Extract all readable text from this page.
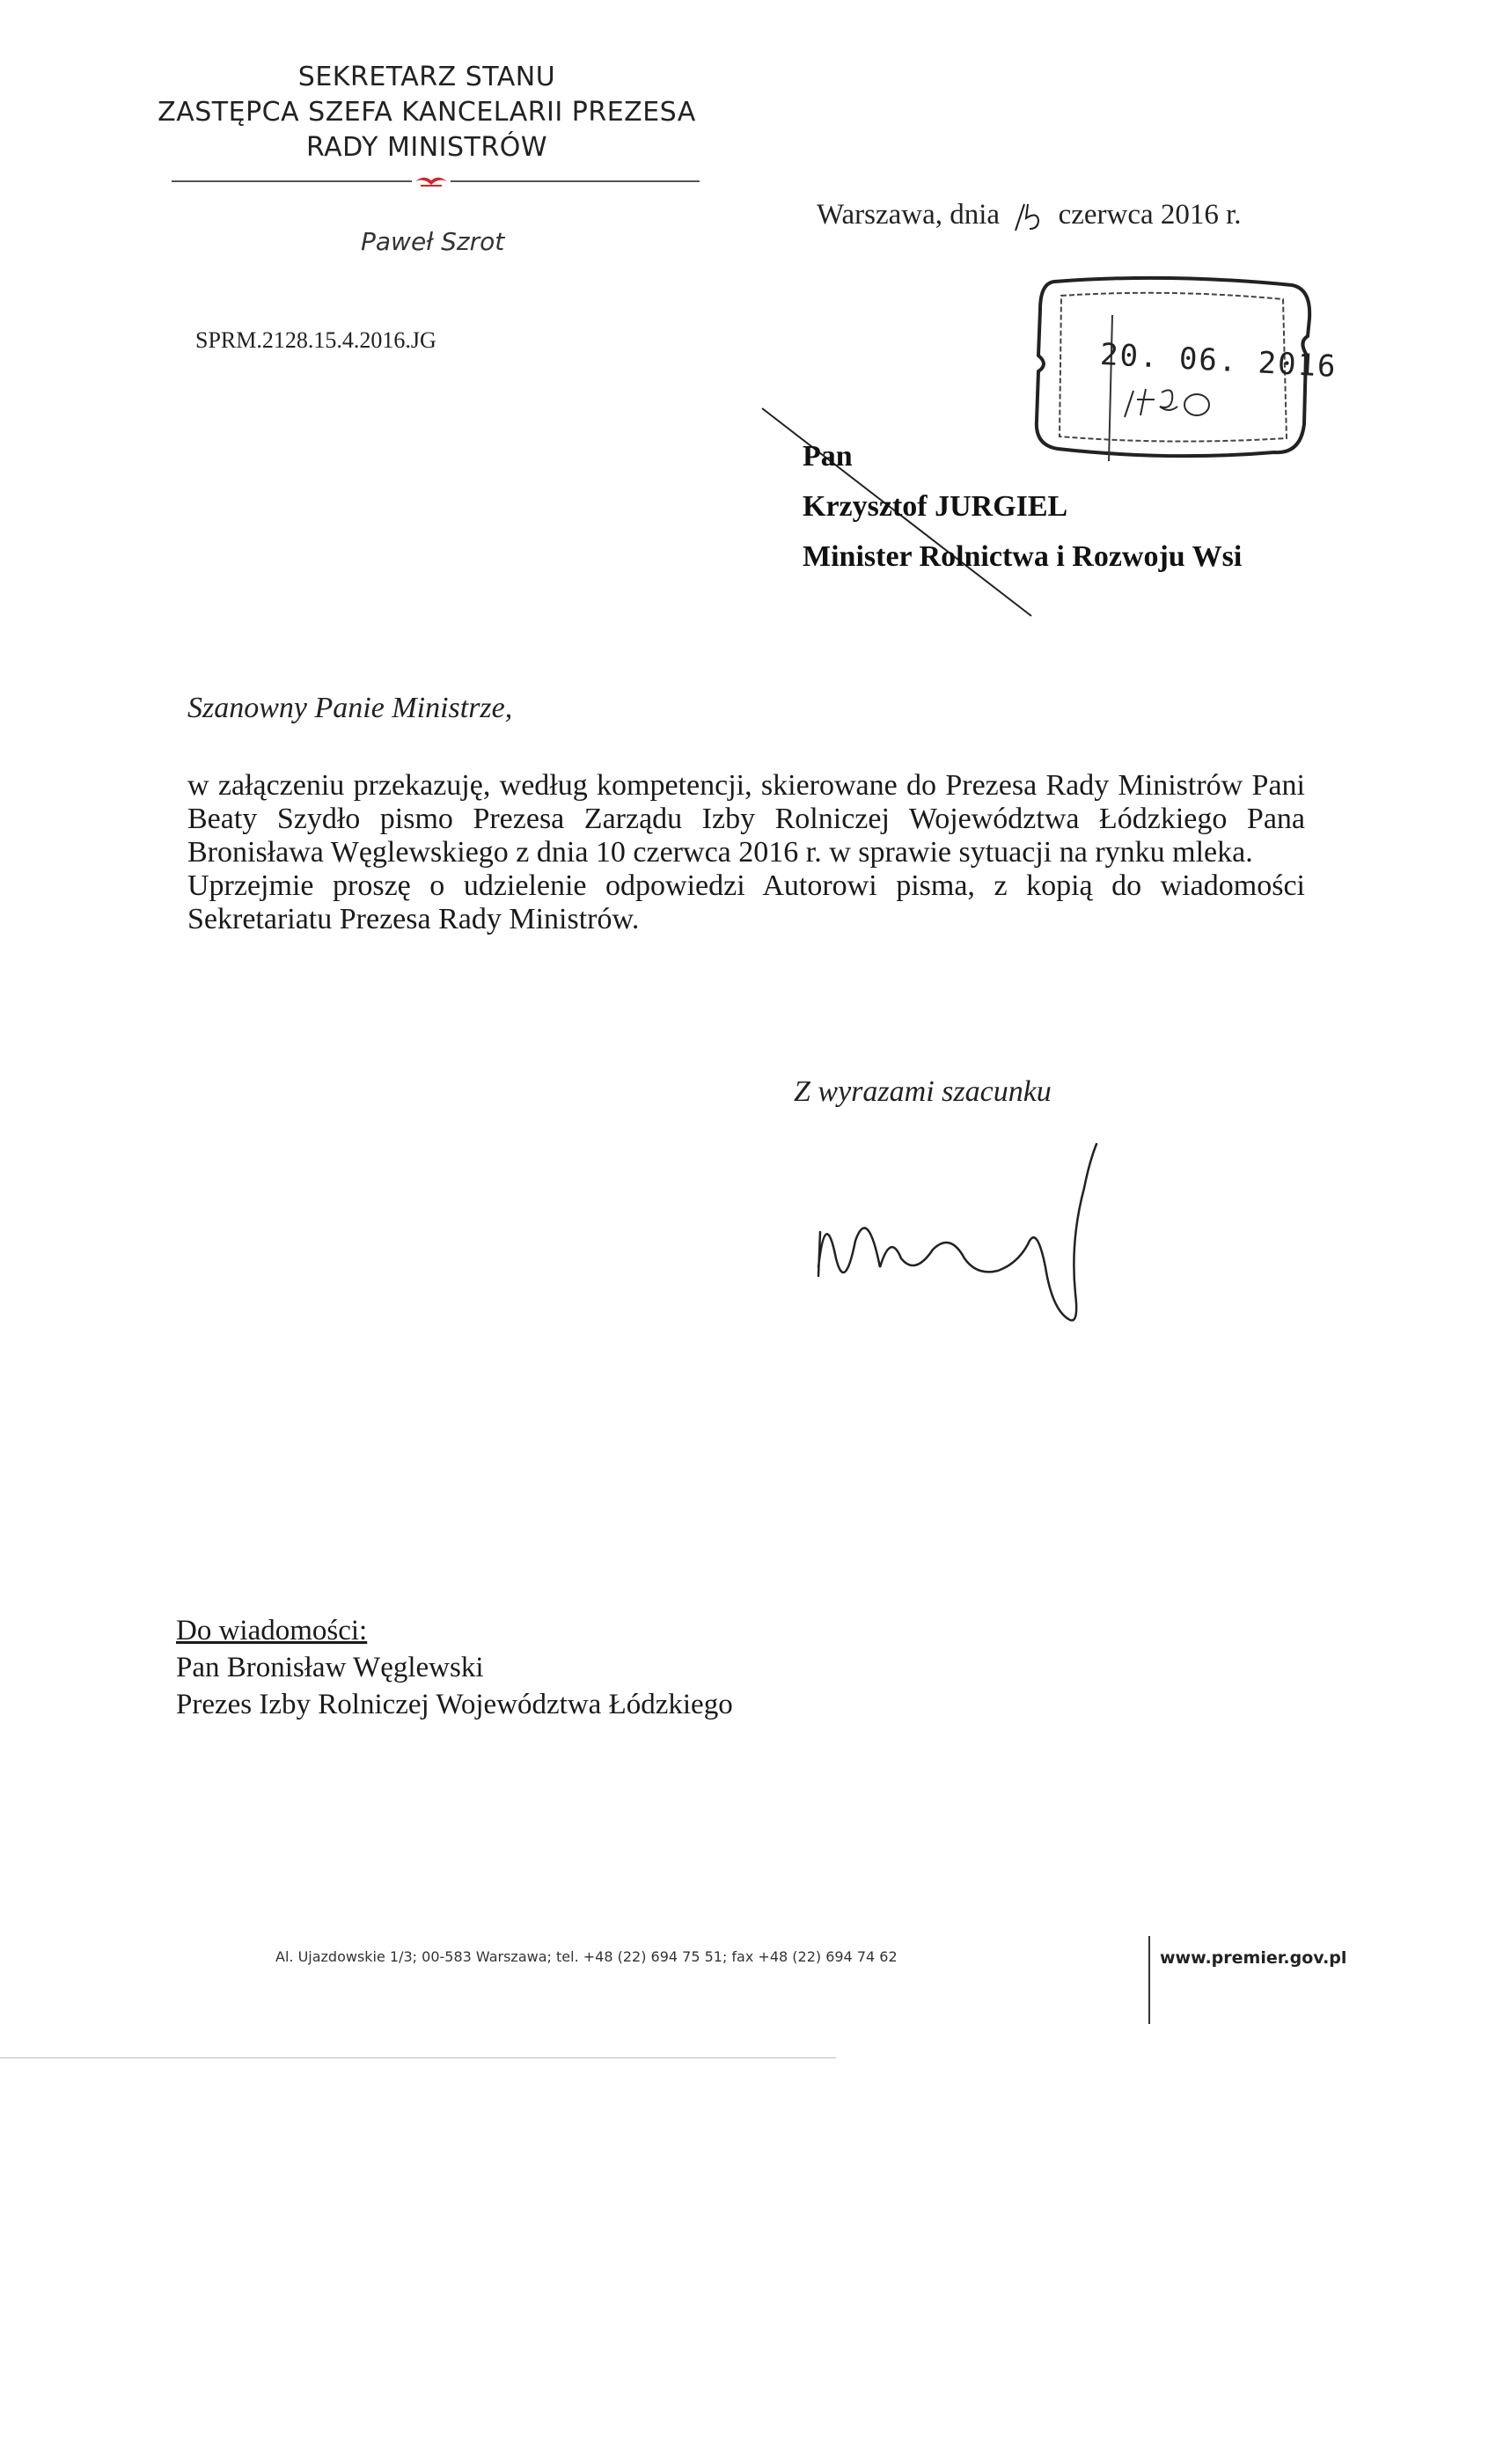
SEKRETARZ STANU
ZASTĘPCA SZEFA KANCELARII PREZESA
RADY MINISTRÓW
Paweł Szrot
SPRM.2128.15.4.2016.JG
Warszawa, dnia czerwca 2016 r.
20. 06. 2016
Pan
Krzysztof JURGIEL
Minister Rolnictwa i Rozwoju Wsi
Szanowny Panie Ministrze,

w załączeniu przekazuję, według kompetencji, skierowane do Prezesa Rady Ministrów Pani Beaty Szydło pismo Prezesa Zarządu Izby Rolniczej Województwa Łódzkiego Pana Bronisława Węglewskiego z dnia 10 czerwca 2016 r. w sprawie sytuacji na rynku mleka.

Uprzejmie proszę o udzielenie odpowiedzi Autorowi pisma, z kopią do wiadomości Sekretariatu Prezesa Rady Ministrów.

Z wyrazami szacunku
Do wiadomości:
Pan Bronisław Węglewski
Prezes Izby Rolniczej Województwa Łódzkiego
Al. Ujazdowskie 1/3; 00-583 Warszawa; tel. +48 (22) 694 75 51; fax +48 (22) 694 74 62	www.premier.gov.pl
